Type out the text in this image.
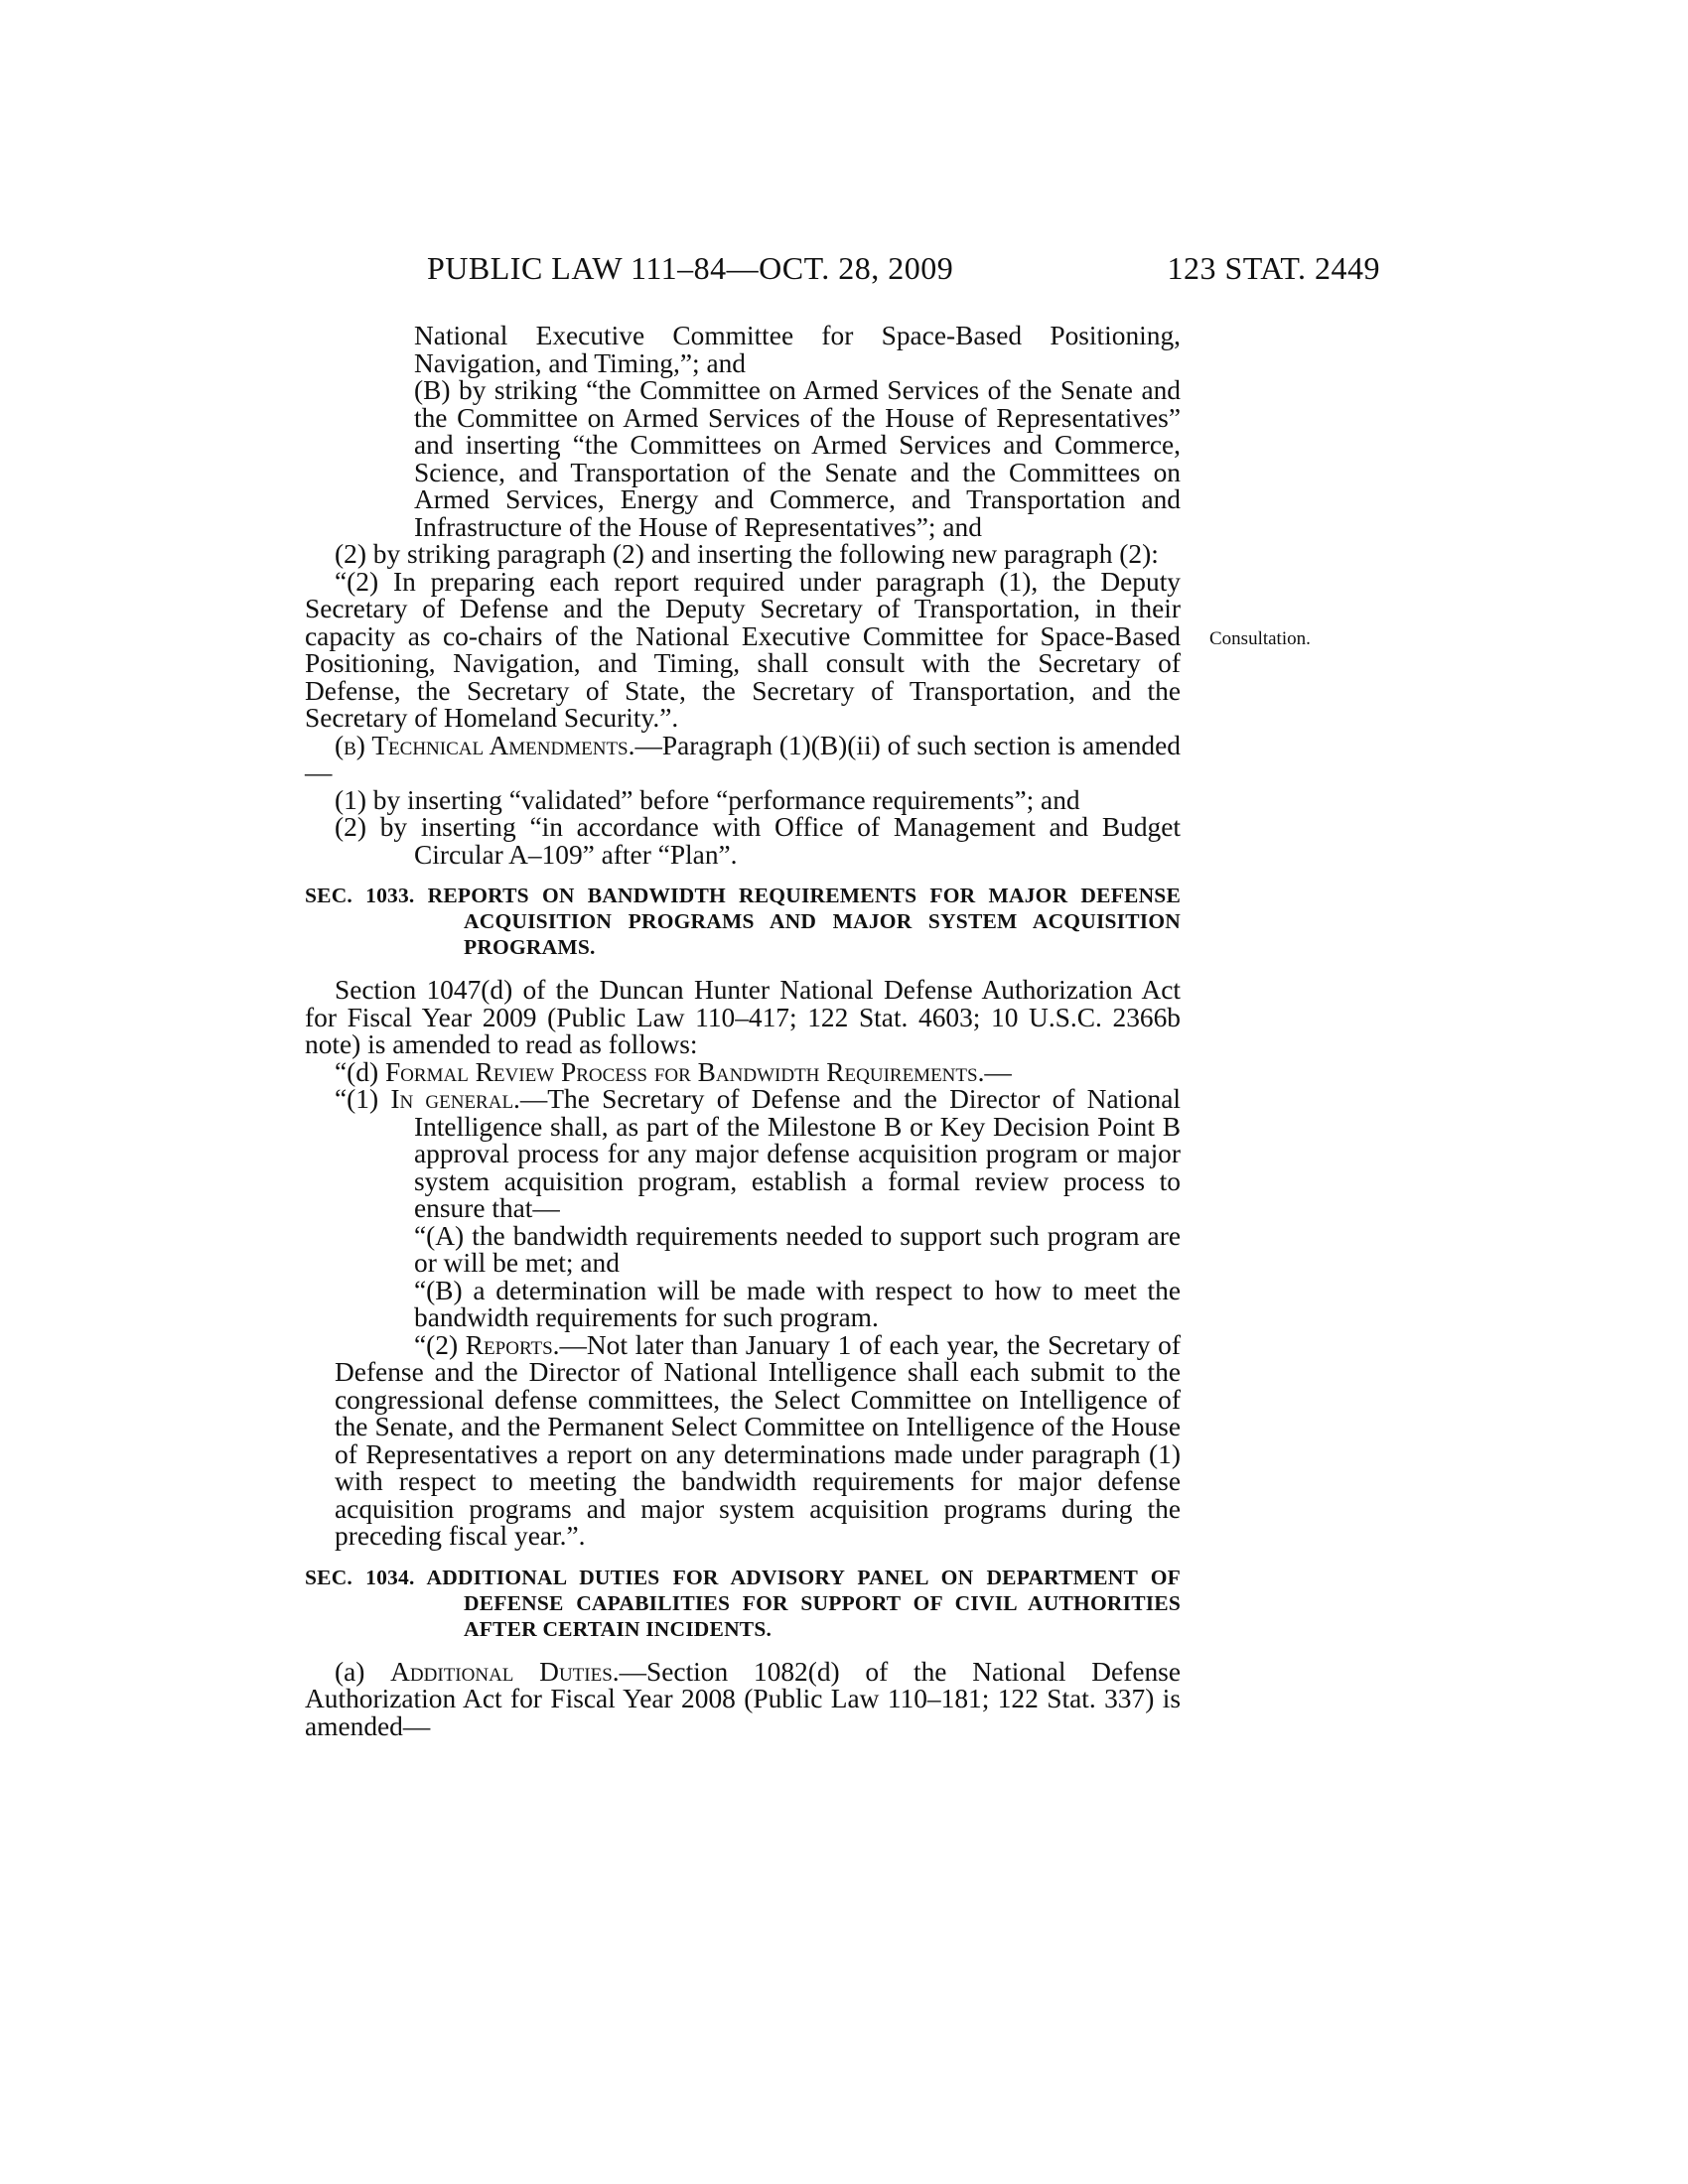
PUBLIC LAW 111–84—OCT. 28, 2009	123 STAT. 2449
Consultation.

National Executive Committee for Space-Based Positioning, Navigation, and Timing,”; and

(B) by striking “the Committee on Armed Services of the Senate and the Committee on Armed Services of the House of Representatives” and inserting “the Committees on Armed Services and Commerce, Science, and Transportation of the Senate and the Committees on Armed Services, Energy and Commerce, and Transportation and Infrastructure of the House of Representatives”; and

(2) by striking paragraph (2) and inserting the following new paragraph (2):

“(2) In preparing each report required under paragraph (1), the Deputy Secretary of Defense and the Deputy Secretary of Transportation, in their capacity as co-chairs of the National Executive Committee for Space-Based Positioning, Navigation, and Timing, shall consult with the Secretary of Defense, the Secretary of State, the Secretary of Transportation, and the Secretary of Homeland Security.”.

(b) Technical Amendments.—Paragraph (1)(B)(ii) of such section is amended—

(1) by inserting “validated” before “performance requirements”; and

(2) by inserting “in accordance with Office of Management and Budget Circular A–109” after “Plan”.

SEC. 1033. REPORTS ON BANDWIDTH REQUIREMENTS FOR MAJOR DEFENSE ACQUISITION PROGRAMS AND MAJOR SYSTEM ACQUISITION PROGRAMS.

Section 1047(d) of the Duncan Hunter National Defense Authorization Act for Fiscal Year 2009 (Public Law 110–417; 122 Stat. 4603; 10 U.S.C. 2366b note) is amended to read as follows:

“(d) Formal Review Process for Bandwidth Requirements.—

“(1) In general.—The Secretary of Defense and the Director of National Intelligence shall, as part of the Milestone B or Key Decision Point B approval process for any major defense acquisition program or major system acquisition program, establish a formal review process to ensure that—

“(A) the bandwidth requirements needed to support such program are or will be met; and

“(B) a determination will be made with respect to how to meet the bandwidth requirements for such program.

“(2) Reports.—Not later than January 1 of each year, the Secretary of Defense and the Director of National Intelligence shall each submit to the congressional defense committees, the Select Committee on Intelligence of the Senate, and the Permanent Select Committee on Intelligence of the House of Representatives a report on any determinations made under paragraph (1) with respect to meeting the bandwidth requirements for major defense acquisition programs and major system acquisition programs during the preceding fiscal year.”.

SEC. 1034. ADDITIONAL DUTIES FOR ADVISORY PANEL ON DEPARTMENT OF DEFENSE CAPABILITIES FOR SUPPORT OF CIVIL AUTHORITIES AFTER CERTAIN INCIDENTS.

(a) Additional Duties.—Section 1082(d) of the National Defense Authorization Act for Fiscal Year 2008 (Public Law 110–181; 122 Stat. 337) is amended—
